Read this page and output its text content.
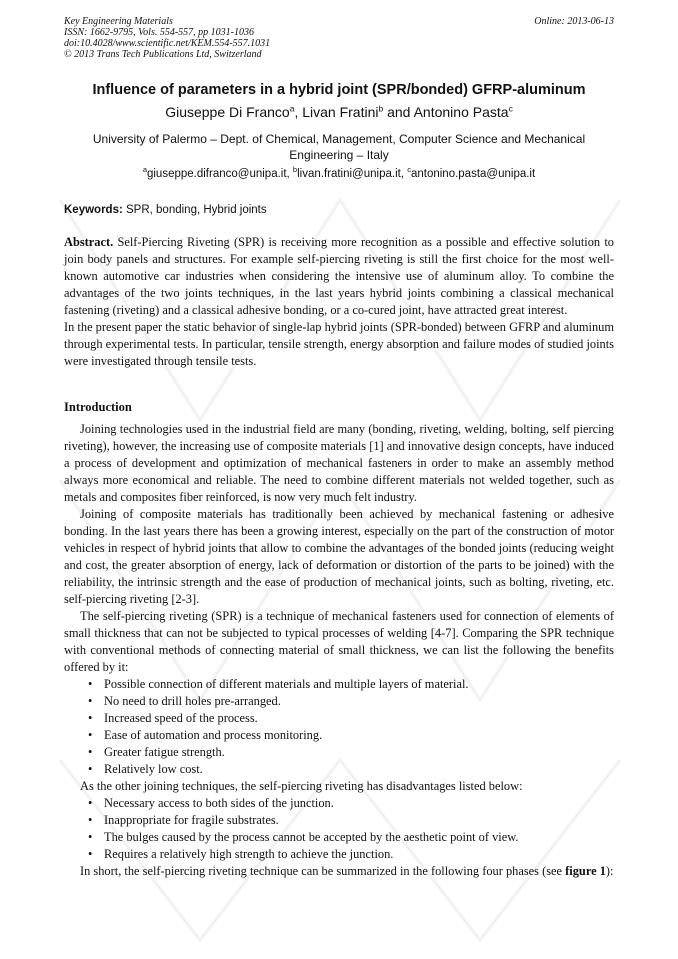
Key Engineering Materials
ISSN: 1662-9795, Vols. 554-557, pp 1031-1036
doi:10.4028/www.scientific.net/KEM.554-557.1031
© 2013 Trans Tech Publications Ltd, Switzerland
Online: 2013-06-13
Influence of parameters in a hybrid joint (SPR/bonded) GFRP-aluminum
Giuseppe Di Franco$^a$, Livan Fratini$^b$ and Antonino Pasta$^c$
University of Palermo – Dept. of Chemical, Management, Computer Science and Mechanical Engineering – Italy
$^a$giuseppe.difranco@unipa.it, $^b$livan.fratini@unipa.it, $^c$antonino.pasta@unipa.it
Keywords: SPR, bonding, Hybrid joints

Abstract. Self-Piercing Riveting (SPR) is receiving more recognition as a possible and effective solution to join body panels and structures. For example self-piercing riveting is still the first choice for the most well-known automotive car industries when considering the intensive use of aluminum alloy. To combine the advantages of the two joints techniques, in the last years hybrid joints combining a classical mechanical fastening (riveting) and a classical adhesive bonding, or a co-cured joint, have attracted great interest.

In the present paper the static behavior of single-lap hybrid joints (SPR-bonded) between GFRP and aluminum through experimental tests. In particular, tensile strength, energy absorption and failure modes of studied joints were investigated through tensile tests.

Introduction

Joining technologies used in the industrial field are many (bonding, riveting, welding, bolting, self piercing riveting), however, the increasing use of composite materials [1] and innovative design concepts, have induced a process of development and optimization of mechanical fasteners in order to make an assembly method always more economical and reliable. The need to combine different materials not welded together, such as metals and composites fiber reinforced, is now very much felt industry.

Joining of composite materials has traditionally been achieved by mechanical fastening or adhesive bonding. In the last years there has been a growing interest, especially on the part of the construction of motor vehicles in respect of hybrid joints that allow to combine the advantages of the bonded joints (reducing weight and cost, the greater absorption of energy, lack of deformation or distortion of the parts to be joined) with the reliability, the intrinsic strength and the ease of production of mechanical joints, such as bolting, riveting, etc. self-piercing riveting [2-3].

The self-piercing riveting (SPR) is a technique of mechanical fasteners used for connection of elements of small thickness that can not be subjected to typical processes of welding [4-7]. Comparing the SPR technique with conventional methods of connecting material of small thickness, we can list the following the benefits offered by it:

• Possible connection of different materials and multiple layers of material.
• No need to drill holes pre-arranged.
• Increased speed of the process.
• Ease of automation and process monitoring.
• Greater fatigue strength.
• Relatively low cost.

As the other joining techniques, the self-piercing riveting has disadvantages listed below:

• Necessary access to both sides of the junction.
• Inappropriate for fragile substrates.
• The bulges caused by the process cannot be accepted by the aesthetic point of view.
• Requires a relatively high strength to achieve the junction.

In short, the self-piercing riveting technique can be summarized in the following four phases (see figure 1):
